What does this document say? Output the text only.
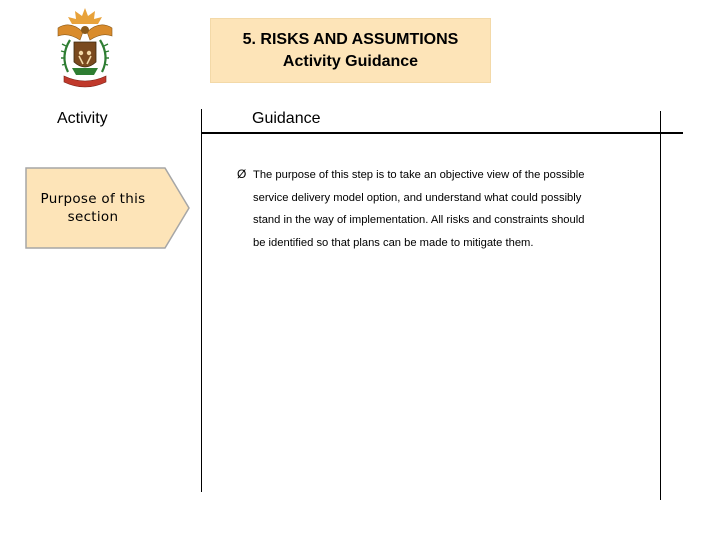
5. RISKS AND ASSUMTIONS
Activity Guidance
Activity	Guidance
Purpose of this section
Ø The purpose of this step is to take an objective view of the possible
service delivery model option, and understand what could possibly
stand in the way of implementation. All risks and constraints should
be identified so that plans can be made to mitigate them.
